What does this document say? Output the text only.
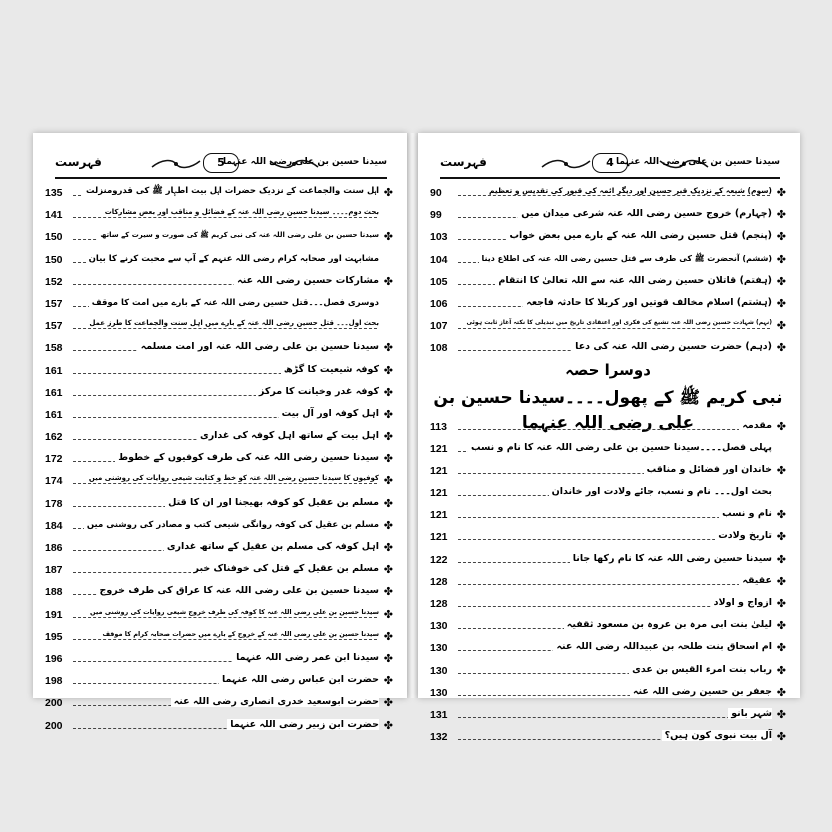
فہرست	5
سیدنا حسین بن علی رضی اللہ عنہما
135	اہل سنت والجماعت کے نزدیک حضرات اہل بیت اطہار ﷺ کی قدرومنزلت ✤
141	بحث دوم۔۔۔۔ سیدنا حسین رضی اللہ عنہ کے فضائل و مناقب اور بعض مشارکات
150	سیدنا حسین بن علی رضی اللہ عنہ کی نبی کریم ﷺ کی صورت و سیرت کے ساتھ ✤
150	مشابہت اور صحابہ کرام رضی اللہ عنہم کے آپ سے محبت کرنے کا بیان
152	مشارکات حسین رضی اللہ عنہ ✤
157	دوسری فصل۔۔۔قتل حسین رضی اللہ عنہ کے بارے میں امت کا موقف
157	بحث اول۔۔۔ قتل حسین رضی اللہ عنہ کے بارے میں اہل سنت والجماعت کا طرز عمل
158	سیدنا حسین بن علی رضی اللہ عنہ اور امت مسلمہ ✤
161	کوفہ شیعیت کا گڑھ ✤
161	کوفہ غدر وخیانت کا مرکز ✤
161	اہل کوفہ اور آل بیت ✤
162	اہل بیت کے ساتھ اہل کوفہ کی غداری ✤
172	سیدنا حسین رضی اللہ عنہ کی طرف کوفیوں کے خطوط ✤
174	کوفیوں کا سیدنا حسین رضی اللہ عنہ کو خط و کتابت شیعی روایات کی روشنی میں ✤
178	مسلم بن عقیل کو کوفہ بھیجنا اور ان کا قتل ✤
184	مسلم بن عقیل کی کوفہ روانگی شیعی کتب و مصادر کی روشنی میں ✤
186	اہل کوفہ کی مسلم بن عقیل کے ساتھ غداری ✤
187	مسلم بن عقیل کے قتل کی خوفناک خبر ✤
188	سیدنا حسین بن علی رضی اللہ عنہ کا عراق کی طرف خروج ✤
191	سیدنا حسین بن علی رضی اللہ عنہ کا کوفہ کی طرف خروج شیعی روایات کی روشنی میں ✤
195	سیدنا حسین بن علی رضی اللہ عنہ کے خروج کے بارے میں حضرات صحابہ کرام کا موقف ✤
196	سیدنا ابن عمر رضی اللہ عنہما ✤
198	حضرت ابن عباس رضی اللہ عنہما ✤
200	حضرت ابوسعید خدری انصاری رضی اللہ عنہ ✤
200	حضرت ابن زبیر رضی اللہ عنہما ✤
فہرست	4 سیدنا حسین بن علی رضی اللہ عنہما
90	(سوم) شیعہ کے نزدیک قبر حسین اور دیگر ائمہ کی قبور کی تقدیس و تعظیم ✤
99	(چہارم) خروج حسین رضی اللہ عنہ شرعی میدان میں ✤
103	(پنجم) قتل حسین رضی اللہ عنہ کے بارے میں بعض خواب ✤
104	(ششم) آنحضرت ﷺ کی طرف سے قتل حسین رضی اللہ عنہ کی اطلاع دینا ✤
105	(ہفتم) قاتلان حسین رضی اللہ عنہ سے اللہ تعالیٰ کا انتقام ✤
106	(ہشتم) اسلام مخالف قوتیں اور کربلا کا حادثہ فاجعہ ✤
107	(نہم) شہادت حسین رضی اللہ عنہ تشیع کی فکری اور اعتقادی تاریخ میں تبدیلی کا نکتہ آغاز ثابت ہوئی ✤
108	(دہم) حضرت حسین رضی اللہ عنہ کی دعا ✤
دوسرا حصہ
نبی کریم ﷺ کے پھول۔۔۔۔سیدنا حسین بن علی رضی اللہ عنہما
113	مقدمہ ✤
121	پہلی فصل۔۔۔۔سیدنا حسین بن علی رضی اللہ عنہ کا نام و نسب
121	خاندان اور فضائل و مناقب ✤
121	بحث اول۔۔۔ نام و نسب، جائے ولادت اور خاندان
121	نام و نسب ✤
121	تاریخ ولادت ✤
122	سیدنا حسین رضی اللہ عنہ کا نام رکھا جانا ✤
128	عقیقہ ✤
128	ازواج و اولاد ✤
130	لیلیٰ بنت ابی مرہ بن عروہ بن مسعود ثقفیہ ✤
130	ام اسحاق بنت طلحہ بن عبیداللہ رضی اللہ عنہ ✤
130	رباب بنت امرء القیس بن عدی ✤
130	جعفر بن حسین رضی اللہ عنہ ✤
131	شہر بانو ✤
132	آل بیت نبوی کون ہیں؟ ✤
